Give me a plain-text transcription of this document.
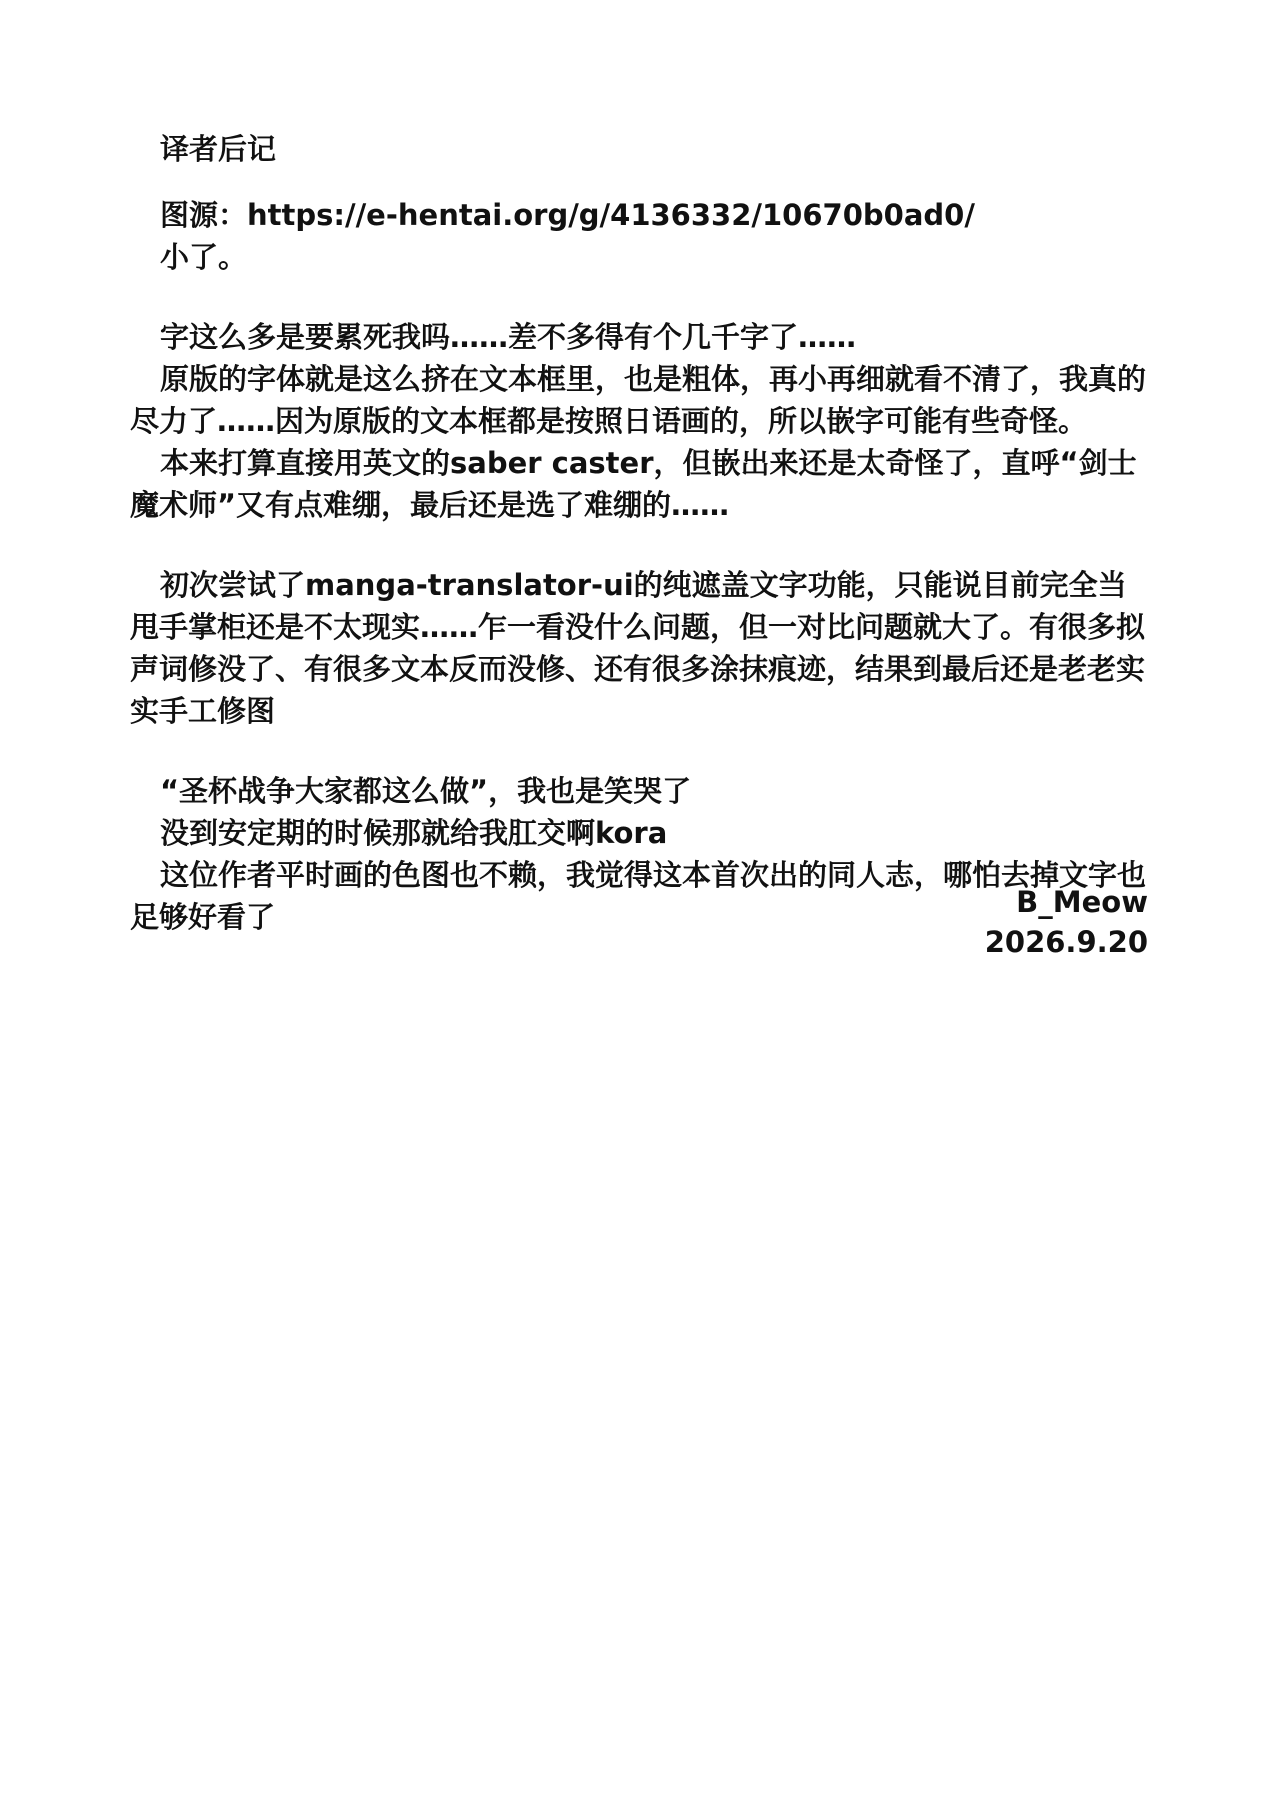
译者后记

图源：https://e-hentai.org/g/4136332/10670b0ad0/

小了。

字这么多是要累死我吗……差不多得有个几千字了……

原版的字体就是这么挤在文本框里，也是粗体，再小再细就看不清了，我真的尽力了……因为原版的文本框都是按照日语画的，所以嵌字可能有些奇怪。

本来打算直接用英文的saber caster，但嵌出来还是太奇怪了，直呼“剑士 魔术师”又有点难绷，最后还是选了难绷的……

初次尝试了manga-translator-ui的纯遮盖文字功能，只能说目前完全当甩手掌柜还是不太现实……乍一看没什么问题，但一对比问题就大了。有很多拟声词修没了、有很多文本反而没修、还有很多涂抹痕迹，结果到最后还是老老实实手工修图

“圣杯战争大家都这么做”，我也是笑哭了

没到安定期的时候那就给我肛交啊kora

这位作者平时画的色图也不赖，我觉得这本首次出的同人志，哪怕去掉文字也足够好看了	B_Meow
2026.9.20
